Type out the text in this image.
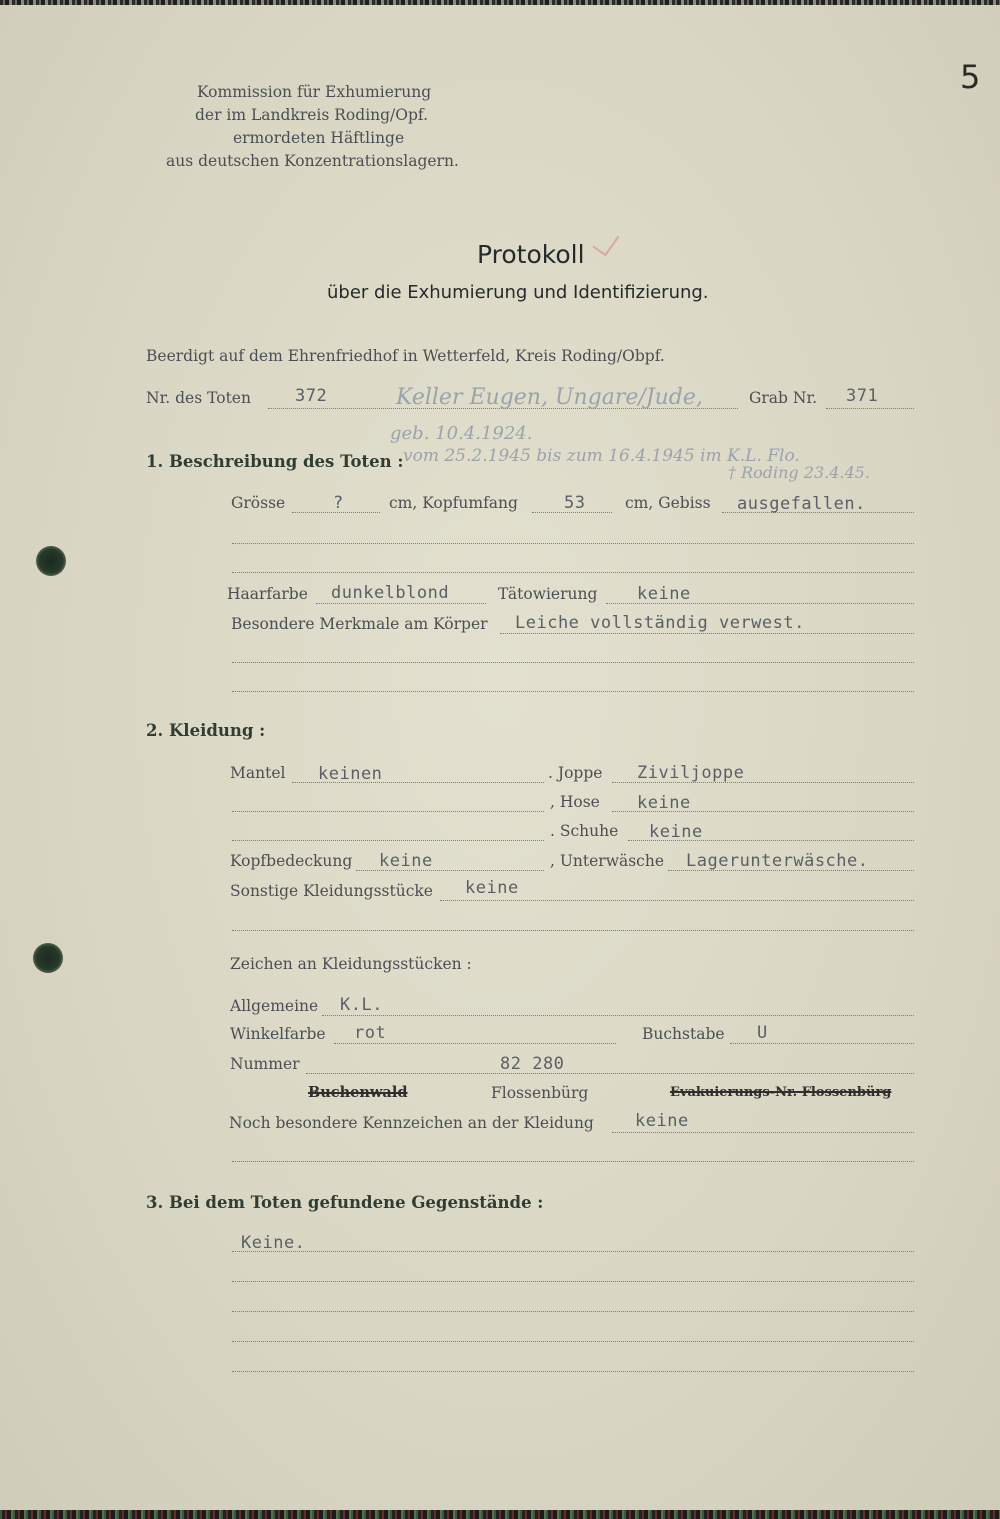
5
Kommission für Exhumierung
der im Landkreis Roding/Opf.
ermordeten Häftlinge
aus deutschen Konzentrationslagern.
Protokoll
über die Exhumierung und Identifizierung.
Beerdigt auf dem Ehrenfriedhof in Wetterfeld, Kreis Roding/Obpf.
Nr. des Toten	372	Keller Eugen, Ungare/Jude,	Grab Nr. 371
geb. 10.4.1924.
1. Beschreibung des Toten : vom 25.2.1945 bis zum 16.4.1945 im K.L. Flo.
† Roding 23.4.45.
Grösse	?	cm, Kopfumfang	53	cm, Gebiss ausgefallen.
Haarfarbe dunkelblond	Tätowierung keine
Besondere Merkmale am Körper Leiche vollständig verwest.
2. Kleidung :
Mantel keinen	. Joppe Ziviljoppe
, Hose keine
. Schuhe keine
Kopfbedeckung keine	, Unterwäsche Lagerunterwäsche.
Sonstige Kleidungsstücke keine
Zeichen an Kleidungsstücken :
Allgemeine K.L.
Winkelfarbe rot	Buchstabe U
Nummer	82 280
Buchenwald	Flossenbürg	Evakuierungs-Nr. Flossenbürg
Noch besondere Kennzeichen an der Kleidung keine
3. Bei dem Toten gefundene Gegenstände :
Keine.
